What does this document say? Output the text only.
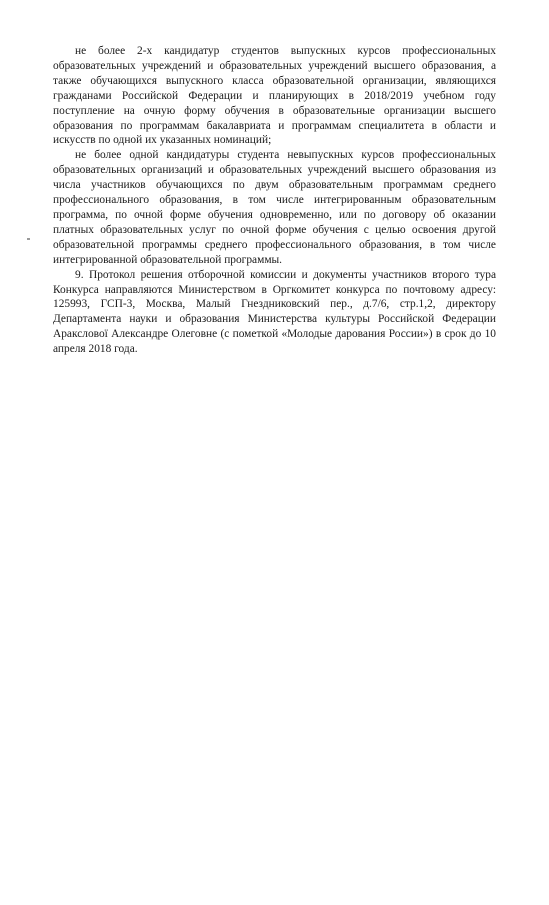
не более 2-х кандидатур студентов выпускных курсов профессиональных образовательных учреждений и образовательных учреждений высшего образования, а также обучающихся выпускного класса образовательной организации, являющихся гражданами Российской Федерации и планирующих в 2018/2019 учебном году поступление на очную форму обучения в образовательные организации высшего образования по программам бакалавриата и программам специалитета в области и искусств по одной их указанных номинаций;

не более одной кандидатуры студента невыпускных курсов профессиональных образовательных организаций и образовательных учреждений высшего образования из числа участников обучающихся по двум образовательным программам среднего профессионального образования, в том числе интегрированным образовательным программа, по очной форме обучения одновременно, или по договору об оказании платных образовательных услуг по очной форме обучения с целью освоения другой образовательной программы среднего профессионального образования, в том числе интегрированной образовательной программы.

9. Протокол решения отборочной комиссии и документы участников второго тура Конкурса направляются Министерством в Оргкомитет конкурса по почтовому адресу: 125993, ГСП-3, Москва, Малый Гнездниковский пер., д.7/6, стр.1,2, директору Департамента науки и образования Министерства культуры Российской Федерации Аракслової Александре Олеговне (с пометкой «Молодые дарования России») в срок до 10 апреля 2018 года.
